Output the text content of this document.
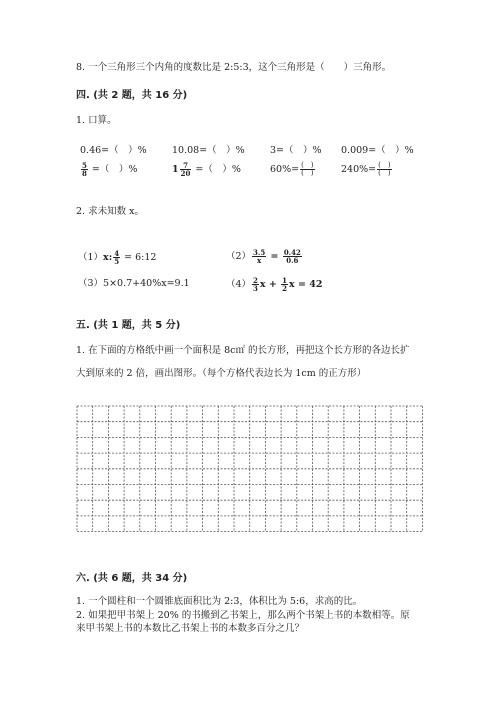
8. 一个三角形三个内角的度数比是 2:5:3，这个三角形是（　　）三角形。
四. (共 2 题，共 16 分)
1. 口算。
0.46=（　）%	10.08=（　）%	3=（　）% 0.009=（　）%
$\frac{5}{8}$ =（　）%	$1 \frac{7}{20}$ =（　）%	$60\%= \frac{( )}{( )}$	$240\%= \frac{( )}{( )}$
2. 求未知数 x。
（1）x: $\frac{4}{5}$ = 6:12	$(2) \frac{3.5}{x} = \frac{0.42}{0.6}$
（3）5×0.7+40%x=9.1	$(4) \frac{2}{3}$ $x + \frac{1}{2}$ x = 42
五. (共 1 题，共 5 分)
1. 在下面的方格纸中画一个面积是 8c㎡ 的长方形，再把这个长方形的各边长扩
大到原来的 2 倍，画出图形。（每个方格代表边长为 1cm 的正方形）
六. (共 6 题，共 34 分)
1. 一个圆柱和一个圆锥底面积比为 2:3，体积比为 5:6，求高的比。
2. 如果把甲书架上 20% 的书搬到乙书架上，那么两个书架上书的本数相等。原
来甲书架上书的本数比乙书架上书的本数多百分之几？
